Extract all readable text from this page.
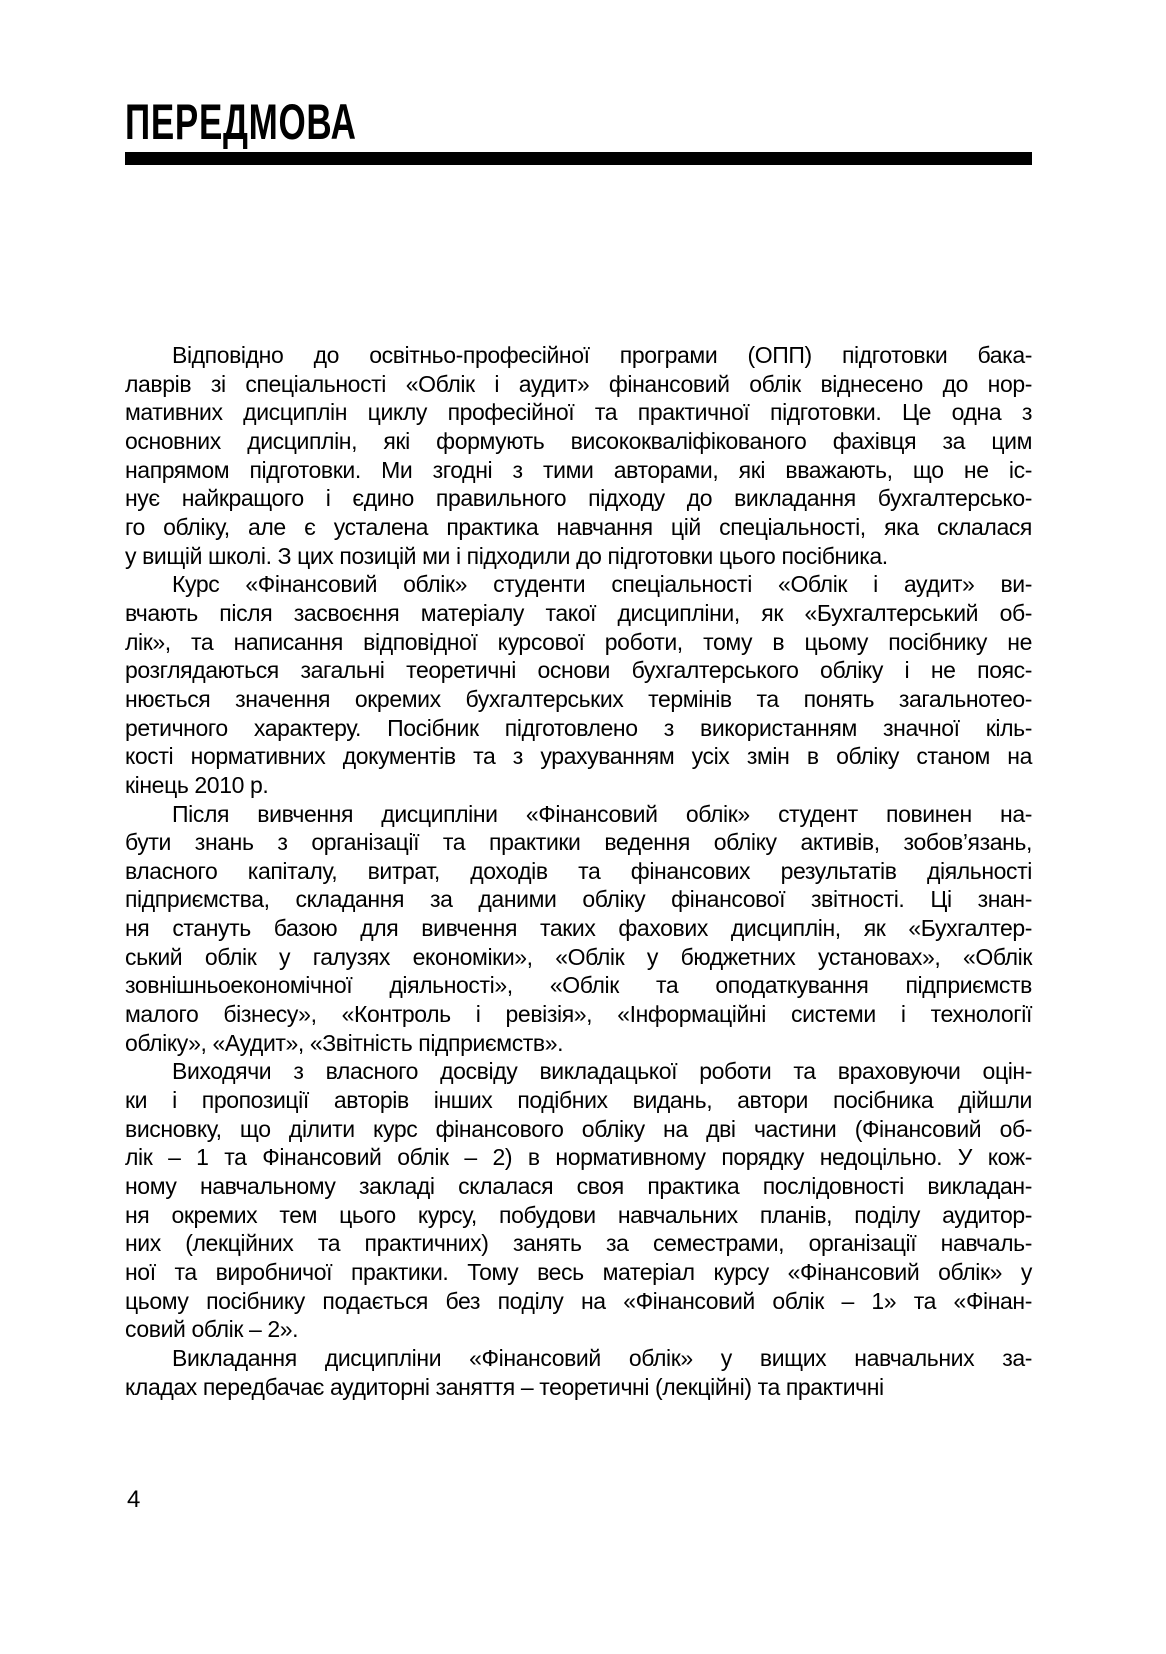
ПЕРЕДМОВА
Відповідно до освітньо-професійної програми (ОПП) підготовки бака-
лаврів зі спеціальності «Облік і аудит» фінансовий облік віднесено до нор-
мативних дисциплін циклу професійної та практичної підготовки. Це одна з
основних дисциплін, які формують висококваліфікованого фахівця за цим
напрямом підготовки. Ми згодні з тими авторами, які вважають, що не іс-
нує найкращого і єдино правильного підходу до викладання бухгалтерсько-
го обліку, але є усталена практика навчання цій спеціальності, яка склалася
у вищій школі. З цих позицій ми і підходили до підготовки цього посібника.
Курс «Фінансовий облік» студенти спеціальності «Облік і аудит» ви-
вчають після засвоєння матеріалу такої дисципліни, як «Бухгалтерський об-
лік», та написання відповідної курсової роботи, тому в цьому посібнику не
розглядаються загальні теоретичні основи бухгалтерського обліку і не пояс-
нюється значення окремих бухгалтерських термінів та понять загальнотео-
ретичного характеру. Посібник підготовлено з використанням значної кіль-
кості нормативних документів та з урахуванням усіх змін в обліку станом на
кінець 2010 р.
Після вивчення дисципліни «Фінансовий облік» студент повинен на-
бути знань з організації та практики ведення обліку активів, зобов’язань,
власного капіталу, витрат, доходів та фінансових результатів діяльності
підприємства, складання за даними обліку фінансової звітності. Ці знан-
ня стануть базою для вивчення таких фахових дисциплін, як «Бухгалтер-
ський облік у галузях економіки», «Облік у бюджетних установах», «Облік
зовнішньоекономічної діяльності», «Облік та оподаткування підприємств
малого бізнесу», «Контроль і ревізія», «Інформаційні системи і технології
обліку», «Аудит», «Звітність підприємств».
Виходячи з власного досвіду викладацької роботи та враховуючи оцін-
ки і пропозиції авторів інших подібних видань, автори посібника дійшли
висновку, що ділити курс фінансового обліку на дві частини (Фінансовий об-
лік – 1 та Фінансовий облік – 2) в нормативному порядку недоцільно. У кож-
ному навчальному закладі склалася своя практика послідовності викладан-
ня окремих тем цього курсу, побудови навчальних планів, поділу аудитор-
них (лекційних та практичних) занять за семестрами, організації навчаль-
ної та виробничої практики. Тому весь матеріал курсу «Фінансовий облік» у
цьому посібнику подається без поділу на «Фінансовий облік – 1» та «Фінан-
совий облік – 2».
Викладання дисципліни «Фінансовий облік» у вищих навчальних за-
кладах передбачає аудиторні заняття – теоретичні (лекційні) та практичні
4
